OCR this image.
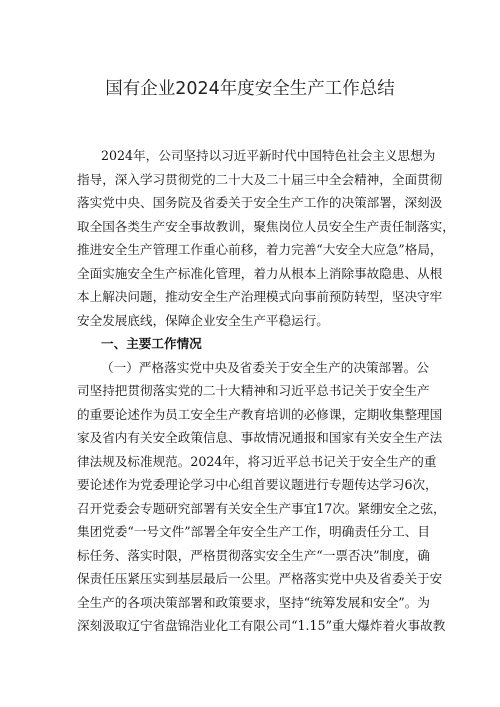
国有企业2024年度安全生产工作总结
2024年，公司坚持以习近平新时代中国特色社会主义思想为
指导，深入学习贯彻党的二十大及二十届三中全会精神，全面贯彻
落实党中央、国务院及省委关于安全生产工作的决策部署，深刻汲
取全国各类生产安全事故教训，聚焦岗位人员安全生产责任制落实，
推进安全生产管理工作重心前移，着力完善“大安全大应急”格局，
全面实施安全生产标准化管理，着力从根本上消除事故隐患、从根
本上解决问题，推动安全生产治理模式向事前预防转型，坚决守牢
安全发展底线，保障企业安全生产平稳运行。
一、主要工作情况
（一）严格落实党中央及省委关于安全生产的决策部署。公
司坚持把贯彻落实党的二十大精神和习近平总书记关于安全生产
的重要论述作为员工安全生产教育培训的必修课，定期收集整理国
家及省内有关安全政策信息、事故情况通报和国家有关安全生产法
律法规及标准规范。2024年，将习近平总书记关于安全生产的重
要论述作为党委理论学习中心组首要议题进行专题传达学习6次，
召开党委会专题研究部署有关安全生产事宜17次。紧绷安全之弦，
集团党委“一号文件”部署全年安全生产工作，明确责任分工、目
标任务、落实时限，严格贯彻落实安全生产“一票否决”制度，确
保责任压紧压实到基层最后一公里。严格落实党中央及省委关于安
全生产的各项决策部署和政策要求，坚持“统筹发展和安全”。为
深刻汲取辽宁省盘锦浩业化工有限公司“1.15”重大爆炸着火事故教
